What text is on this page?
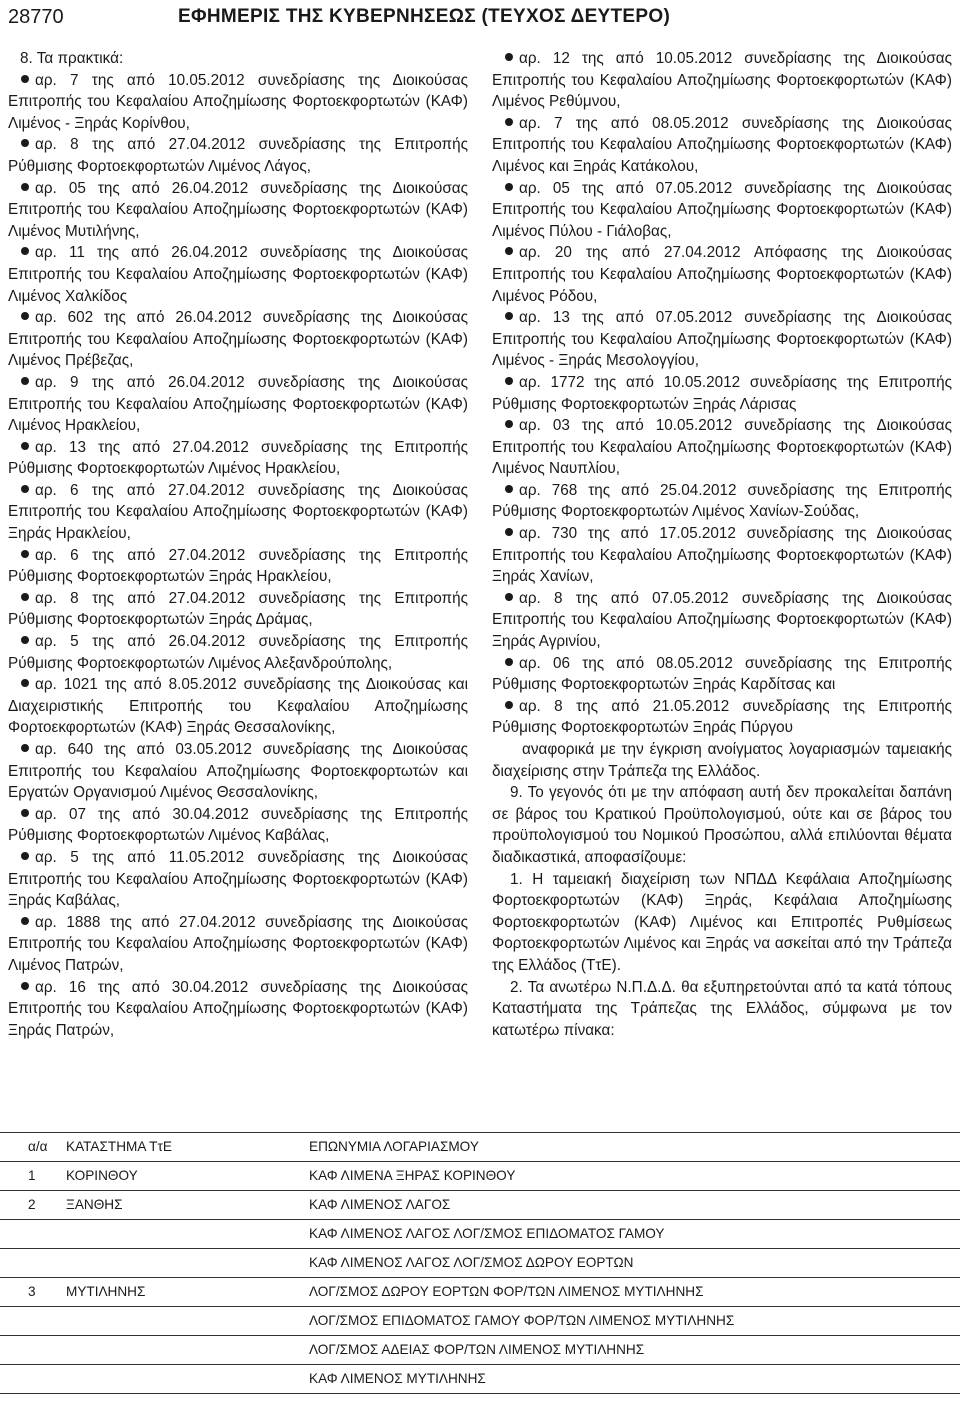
28770	ΕΦΗΜΕΡΙΣ ΤΗΣ ΚΥΒΕΡΝΗΣΕΩΣ (ΤΕΥΧΟΣ ΔΕΥΤΕΡΟ)

8. Τα πρακτικά:

αρ. 7 της από 10.05.2012 συνεδρίασης της Διοικούσας Επιτροπής του Κεφαλαίου Αποζημίωσης Φορτοεκφορτωτών (ΚΑΦ) Λιμένος - Ξηράς Κορίνθου,

αρ. 8 της από 27.04.2012 συνεδρίασης της Επιτροπής Ρύθμισης Φορτοεκφορτωτών Λιμένος Λάγος,

αρ. 05 της από 26.04.2012 συνεδρίασης της Διοικούσας Επιτροπής του Κεφαλαίου Αποζημίωσης Φορτοεκφορτωτών (ΚΑΦ) Λιμένος Μυτιλήνης,

αρ. 11 της από 26.04.2012 συνεδρίασης της Διοικούσας Επιτροπής του Κεφαλαίου Αποζημίωσης Φορτοεκφορτωτών (ΚΑΦ) Λιμένος Χαλκίδος

αρ. 602 της από 26.04.2012 συνεδρίασης της Διοικούσας Επιτροπής του Κεφαλαίου Αποζημίωσης Φορτοεκφορτωτών (ΚΑΦ) Λιμένος Πρέβεζας,

αρ. 9 της από 26.04.2012 συνεδρίασης της Διοικούσας Επιτροπής του Κεφαλαίου Αποζημίωσης Φορτοεκφορτωτών (ΚΑΦ) Λιμένος Ηρακλείου,

αρ. 13 της από 27.04.2012 συνεδρίασης της Επιτροπής Ρύθμισης Φορτοεκφορτωτών Λιμένος Ηρακλείου,

αρ. 6 της από 27.04.2012 συνεδρίασης της Διοικούσας Επιτροπής του Κεφαλαίου Αποζημίωσης Φορτοεκφορτωτών (ΚΑΦ) Ξηράς Ηρακλείου,

αρ. 6 της από 27.04.2012 συνεδρίασης της Επιτροπής Ρύθμισης Φορτοεκφορτωτών Ξηράς Ηρακλείου,

αρ. 8 της από 27.04.2012 συνεδρίασης της Επιτροπής Ρύθμισης Φορτοεκφορτωτών Ξηράς Δράμας,

αρ. 5 της από 26.04.2012 συνεδρίασης της Επιτροπής Ρύθμισης Φορτοεκφορτωτών Λιμένος Αλεξανδρούπολης,

αρ. 1021 της από 8.05.2012 συνεδρίασης της Διοικούσας και Διαχειριστικής Επιτροπής του Κεφαλαίου Αποζημίωσης Φορτοεκφορτωτών (ΚΑΦ) Ξηράς Θεσσαλονίκης,

αρ. 640 της από 03.05.2012 συνεδρίασης της Διοικούσας Επιτροπής του Κεφαλαίου Αποζημίωσης Φορτοεκφορτωτών και Εργατών Οργανισμού Λιμένος Θεσσαλονίκης,

αρ. 07 της από 30.04.2012 συνεδρίασης της Επιτροπής Ρύθμισης Φορτοεκφορτωτών Λιμένος Καβάλας,

αρ. 5 της από 11.05.2012 συνεδρίασης της Διοικούσας Επιτροπής του Κεφαλαίου Αποζημίωσης Φορτοεκφορτωτών (ΚΑΦ) Ξηράς Καβάλας,

αρ. 1888 της από 27.04.2012 συνεδρίασης της Διοικούσας Επιτροπής του Κεφαλαίου Αποζημίωσης Φορτοεκφορτωτών (ΚΑΦ) Λιμένος Πατρών,

αρ. 16 της από 30.04.2012 συνεδρίασης της Διοικούσας Επιτροπής του Κεφαλαίου Αποζημίωσης Φορτοεκφορτωτών (ΚΑΦ) Ξηράς Πατρών,

αρ. 12 της από 10.05.2012 συνεδρίασης της Διοικούσας Επιτροπής του Κεφαλαίου Αποζημίωσης Φορτοεκφορτωτών (ΚΑΦ) Λιμένος Ρεθύμνου,

αρ. 7 της από 08.05.2012 συνεδρίασης της Διοικούσας Επιτροπής του Κεφαλαίου Αποζημίωσης Φορτοεκφορτωτών (ΚΑΦ) Λιμένος και Ξηράς Κατάκολου,

αρ. 05 της από 07.05.2012 συνεδρίασης της Διοικούσας Επιτροπής του Κεφαλαίου Αποζημίωσης Φορτοεκφορτωτών (ΚΑΦ) Λιμένος Πύλου - Γιάλοβας,

αρ. 20 της από 27.04.2012 Απόφασης της Διοικούσας Επιτροπής του Κεφαλαίου Αποζημίωσης Φορτοεκφορτωτών (ΚΑΦ) Λιμένος Ρόδου,

αρ. 13 της από 07.05.2012 συνεδρίασης της Διοικούσας Επιτροπής του Κεφαλαίου Αποζημίωσης Φορτοεκφορτωτών (ΚΑΦ) Λιμένος - Ξηράς Μεσολογγίου,

αρ. 1772 της από 10.05.2012 συνεδρίασης της Επιτροπής Ρύθμισης Φορτοεκφορτωτών Ξηράς Λάρισας

αρ. 03 της από 10.05.2012 συνεδρίασης της Διοικούσας Επιτροπής του Κεφαλαίου Αποζημίωσης Φορτοεκφορτωτών (ΚΑΦ) Λιμένος Ναυπλίου,

αρ. 768 της από 25.04.2012 συνεδρίασης της Επιτροπής Ρύθμισης Φορτοεκφορτωτών Λιμένος Χανίων-Σούδας,

αρ. 730 της από 17.05.2012 συνεδρίασης της Διοικούσας Επιτροπής του Κεφαλαίου Αποζημίωσης Φορτοεκφορτωτών (ΚΑΦ) Ξηράς Χανίων,

αρ. 8 της από 07.05.2012 συνεδρίασης της Διοικούσας Επιτροπής του Κεφαλαίου Αποζημίωσης Φορτοεκφορτωτών (ΚΑΦ) Ξηράς Αγρινίου,

αρ. 06 της από 08.05.2012 συνεδρίασης της Επιτροπής Ρύθμισης Φορτοεκφορτωτών Ξηράς Καρδίτσας και

αρ. 8 της από 21.05.2012 συνεδρίασης της Επιτροπής Ρύθμισης Φορτοεκφορτωτών Ξηράς Πύργου

αναφορικά με την έγκριση ανοίγματος λογαριασμών ταμειακής διαχείρισης στην Τράπεζα της Ελλάδος.

9. Το γεγονός ότι με την απόφαση αυτή δεν προκαλείται δαπάνη σε βάρος του Κρατικού Προϋπολογισμού, ούτε και σε βάρος του προϋπολογισμού του Νομικού Προσώπου, αλλά επιλύονται θέματα διαδικαστικά, αποφασίζουμε:

1. Η ταμειακή διαχείριση των ΝΠΔΔ Κεφάλαια Αποζημίωσης Φορτοεκφορτωτών (ΚΑΦ) Ξηράς, Κεφάλαια Αποζημίωσης Φορτοεκφορτωτών (ΚΑΦ) Λιμένος και Επιτροπές Ρυθμίσεως Φορτοεκφορτωτών Λιμένος και Ξηράς να ασκείται από την Τράπεζα της Ελλάδος (ΤτΕ).

2. Τα ανωτέρω Ν.Π.Δ.Δ. θα εξυπηρετούνται από τα κατά τόπους Καταστήματα της Τράπεζας της Ελλάδος, σύμφωνα με τον κατωτέρω πίνακα:

α/α	ΚΑΤΑΣΤΗΜΑ ΤτΕ	ΕΠΩΝΥΜΙΑ ΛΟΓΑΡΙΑΣΜΟΥ
1	ΚΟΡΙΝΘΟΥ	ΚΑΦ ΛΙΜΕΝΑ ΞΗΡΑΣ ΚΟΡΙΝΘΟΥ
2	ΞΑΝΘΗΣ	ΚΑΦ ΛΙΜΕΝΟΣ ΛΑΓΟΣ
		ΚΑΦ ΛΙΜΕΝΟΣ ΛΑΓΟΣ ΛΟΓ/ΣΜΟΣ ΕΠΙΔΟΜΑΤΟΣ ΓΑΜΟΥ
		ΚΑΦ ΛΙΜΕΝΟΣ ΛΑΓΟΣ ΛΟΓ/ΣΜΟΣ ΔΩΡΟΥ ΕΟΡΤΩΝ
3	ΜΥΤΙΛΗΝΗΣ	ΛΟΓ/ΣΜΟΣ ΔΩΡΟΥ ΕΟΡΤΩΝ ΦΟΡ/ΤΩΝ ΛΙΜΕΝΟΣ ΜΥΤΙΛΗΝΗΣ
		ΛΟΓ/ΣΜΟΣ ΕΠΙΔΟΜΑΤΟΣ ΓΑΜΟΥ ΦΟΡ/ΤΩΝ ΛΙΜΕΝΟΣ ΜΥΤΙΛΗΝΗΣ
		ΛΟΓ/ΣΜΟΣ ΑΔΕΙΑΣ ΦΟΡ/ΤΩΝ ΛΙΜΕΝΟΣ ΜΥΤΙΛΗΝΗΣ
		ΚΑΦ ΛΙΜΕΝΟΣ ΜΥΤΙΛΗΝΗΣ
